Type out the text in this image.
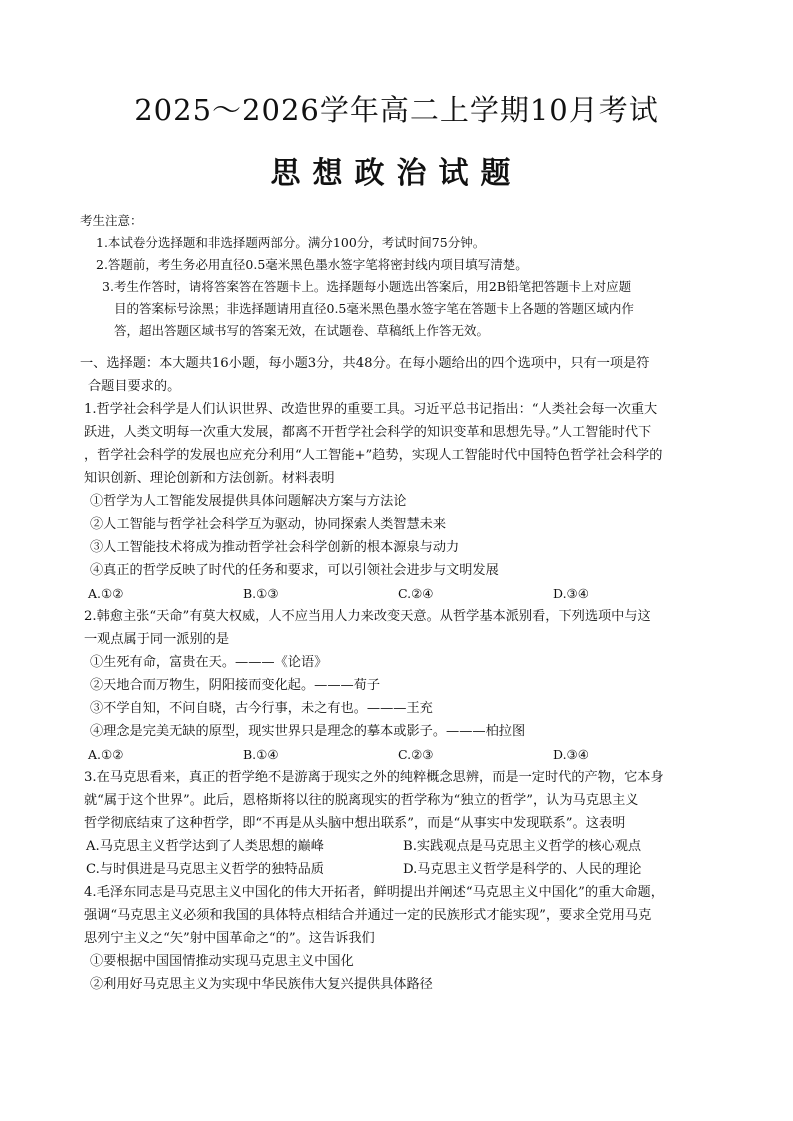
2025～2026学年高二上学期10月考试
思想政治试题
考生注意：
1.本试卷分选择题和非选择题两部分。满分100分，考试时间75分钟。
2.答题前，考生务必用直径0.5毫米黑色墨水签字笔将密封线内项目填写清楚。
3.考生作答时，请将答案答在答题卡上。选择题每小题选出答案后，用2B铅笔把答题卡上对应题
目的答案标号涂黑；非选择题请用直径0.5毫米黑色墨水签字笔在答题卡上各题的答题区域内作
答，超出答题区域书写的答案无效，在试题卷、草稿纸上作答无效。
一、选择题：本大题共16小题，每小题3分，共48分。在每小题给出的四个选项中，只有一项是符
合题目要求的。
1.哲学社会科学是人们认识世界、改造世界的重要工具。习近平总书记指出：“人类社会每一次重大
跃进，人类文明每一次重大发展，都离不开哲学社会科学的知识变革和思想先导。”人工智能时代下
，哲学社会科学的发展也应充分利用“人工智能+”趋势，实现人工智能时代中国特色哲学社会科学的
知识创新、理论创新和方法创新。材料表明
①哲学为人工智能发展提供具体问题解决方案与方法论
②人工智能与哲学社会科学互为驱动，协同探索人类智慧未来
③人工智能技术将成为推动哲学社会科学创新的根本源泉与动力
④真正的哲学反映了时代的任务和要求，可以引领社会进步与文明发展
A.①②	B.①③	C.②④	D.③④
2.韩愈主张“天命”有莫大权威，人不应当用人力来改变天意。从哲学基本派别看，下列选项中与这
一观点属于同一派别的是
①生死有命，富贵在天。———《论语》
②天地合而万物生，阴阳接而变化起。———荀子
③不学自知，不问自晓，古今行事，未之有也。———王充
④理念是完美无缺的原型，现实世界只是理念的摹本或影子。———柏拉图
A.①②	B.①④	C.②③	D.③④
3.在马克思看来，真正的哲学绝不是游离于现实之外的纯粹概念思辨，而是一定时代的产物，它本身
就“属于这个世界”。此后，恩格斯将以往的脱离现实的哲学称为“独立的哲学”，认为马克思主义
哲学彻底结束了这种哲学，即“不再是从头脑中想出联系”，而是“从事实中发现联系”。这表明
A.马克思主义哲学达到了人类思想的巅峰	B.实践观点是马克思主义哲学的核心观点
C.与时俱进是马克思主义哲学的独特品质	D.马克思主义哲学是科学的、人民的理论
4.毛泽东同志是马克思主义中国化的伟大开拓者，鲜明提出并阐述“马克思主义中国化”的重大命题，
强调“马克思主义必须和我国的具体特点相结合并通过一定的民族形式才能实现”，要求全党用马克
思列宁主义之“矢”射中国革命之“的”。这告诉我们
①要根据中国国情推动实现马克思主义中国化
②利用好马克思主义为实现中华民族伟大复兴提供具体路径
